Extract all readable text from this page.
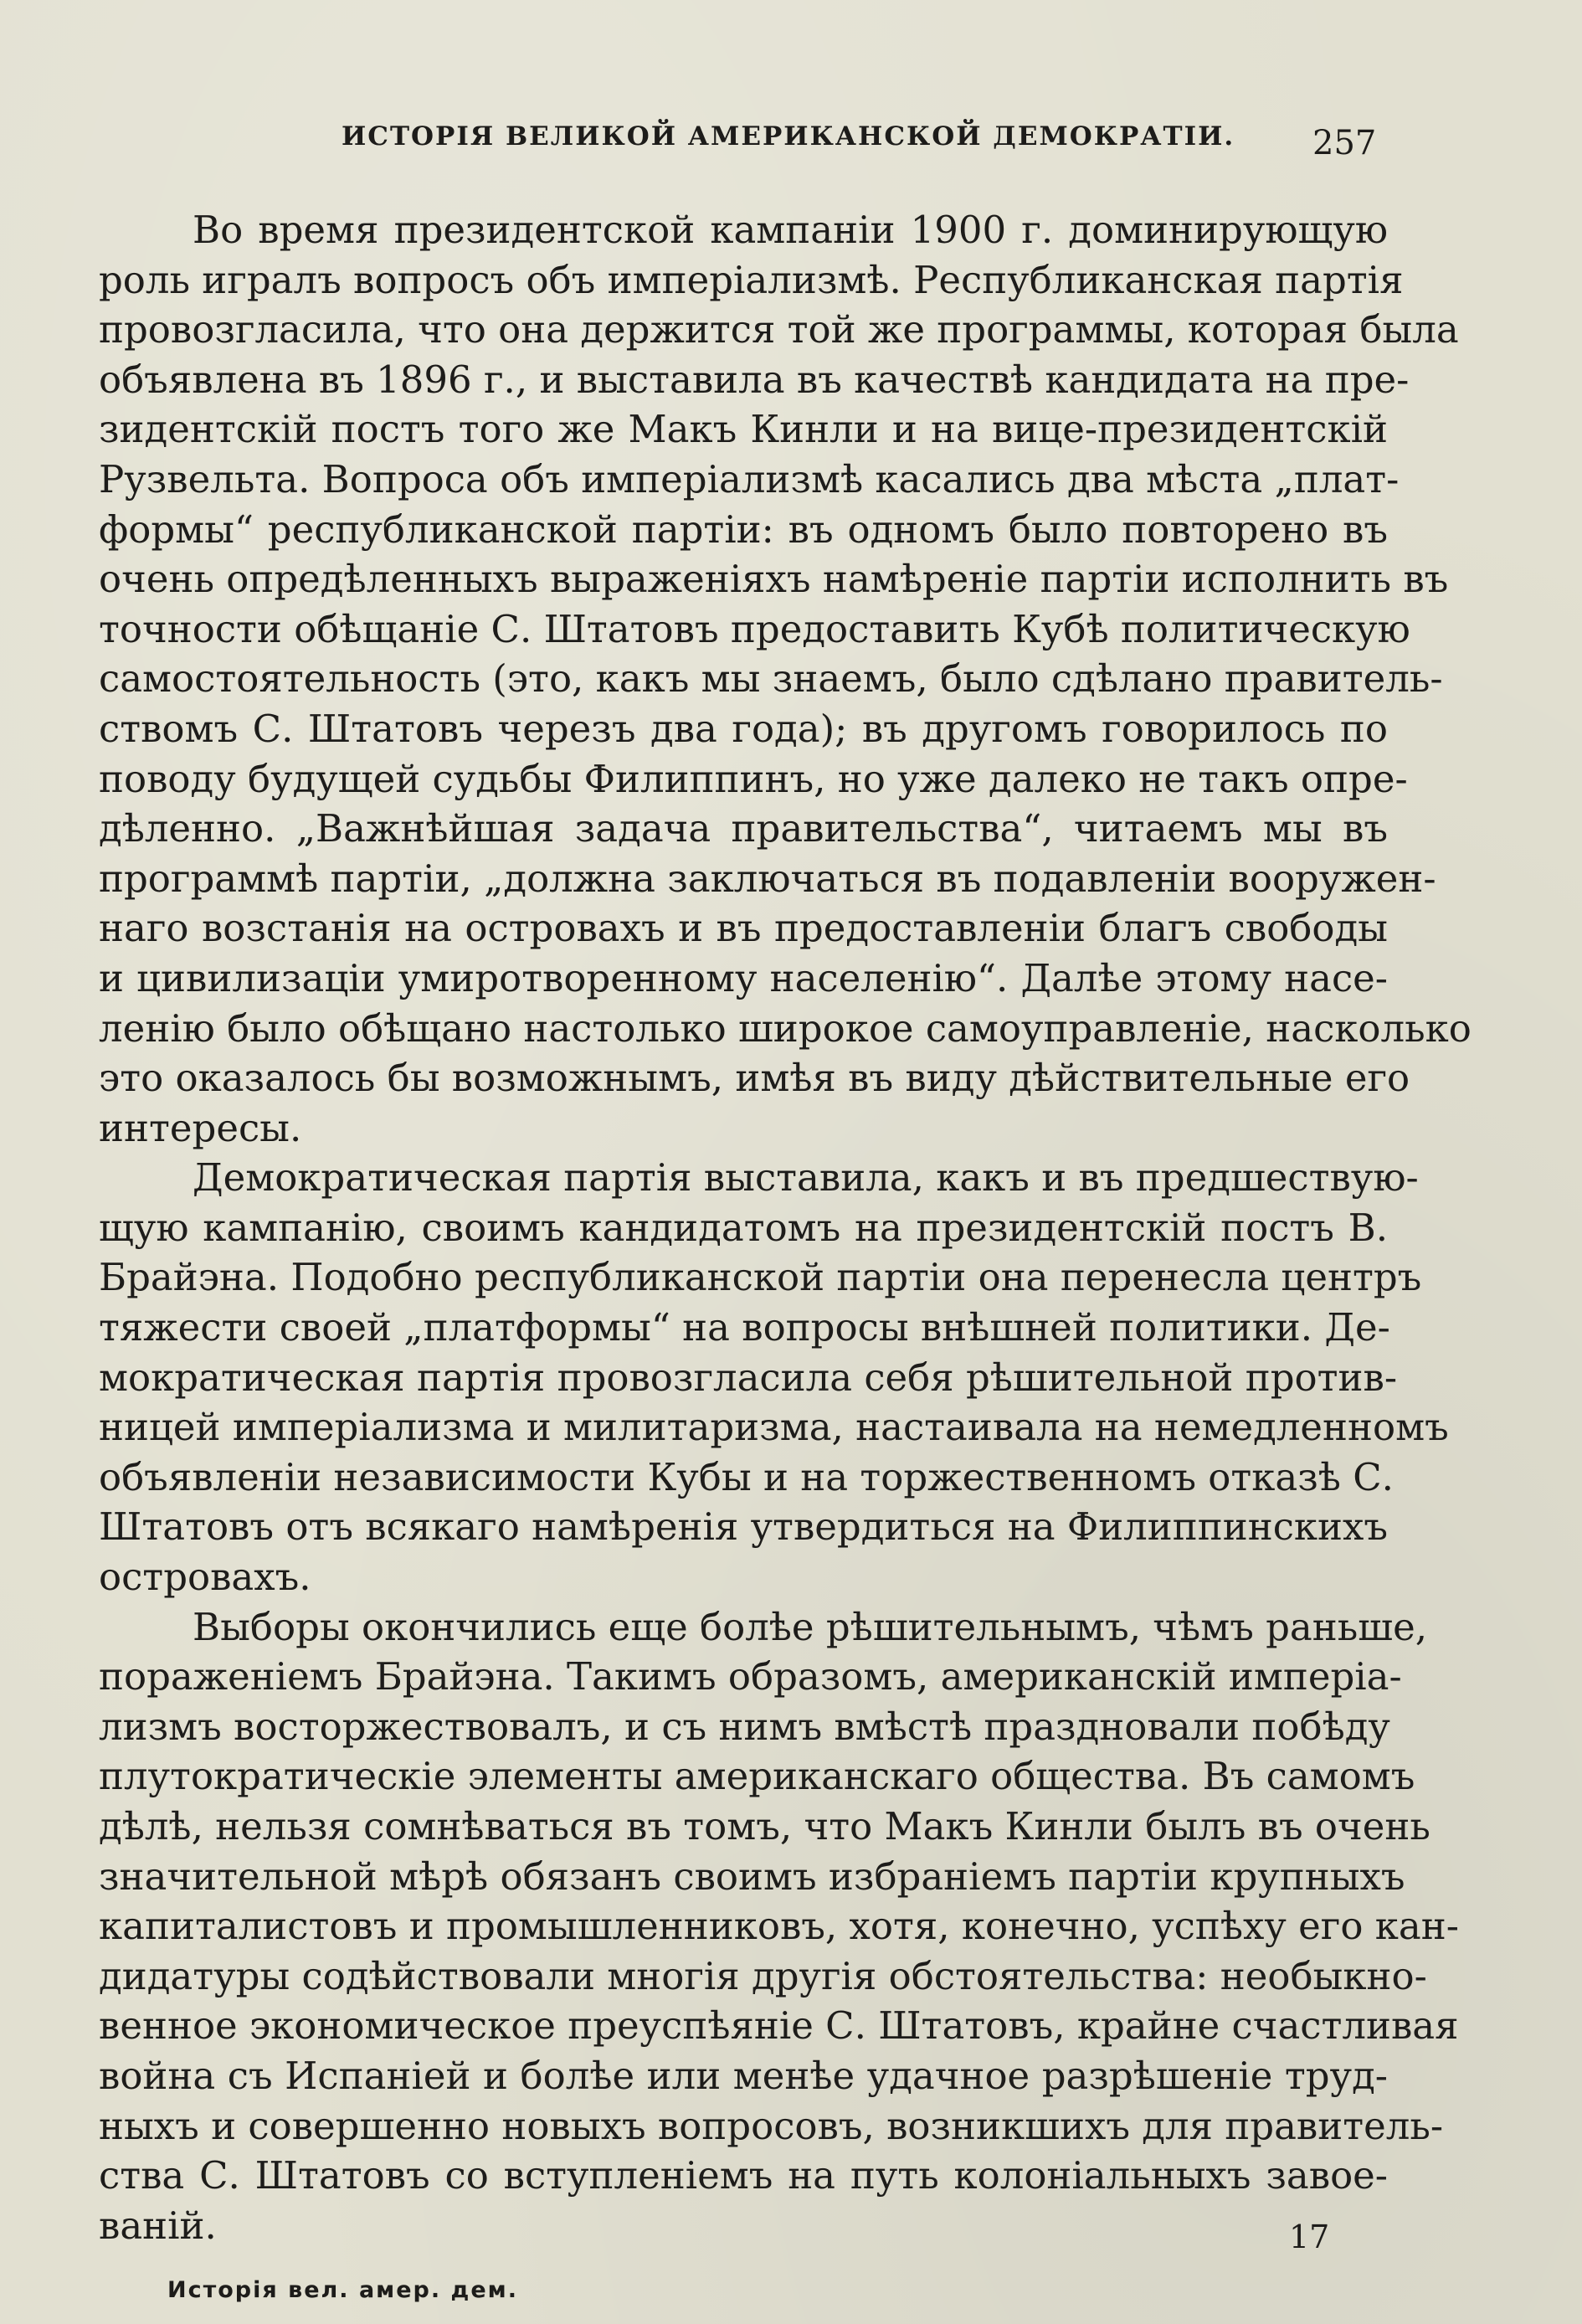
ИСТОРІЯ ВЕЛИКОЙ АМЕРИКАНСКОЙ ДЕМОКРАТІИ. 257
Во время президентской кампаніи 1900 г. доминирующую
роль игралъ вопросъ объ имперіализмѣ. Республиканская партія
провозгласила, что она держится той же программы, которая была
объявлена въ 1896 г., и выставила въ качествѣ кандидата на пре-
зидентскій постъ того же Макъ Кинли и на вице-президентскій
Рузвельта. Вопроса объ имперіализмѣ касались два мѣста „плат-
формы“ республиканской партіи: въ одномъ было повторено въ
очень опредѣленныхъ выраженіяхъ намѣреніе партіи исполнить въ
точности обѣщаніе С. Штатовъ предоставить Кубѣ политическую
самостоятельность (это, какъ мы знаемъ, было сдѣлано правитель-
ствомъ С. Штатовъ черезъ два года); въ другомъ говорилось по
поводу будущей судьбы Филиппинъ, но уже далеко не такъ опре-
дѣленно. „Важнѣйшая задача правительства“, читаемъ мы въ
программѣ партіи, „должна заключаться въ подавленіи вооружен-
наго возстанія на островахъ и въ предоставленіи благъ свободы
и цивилизаціи умиротворенному населенію“. Далѣе этому насе-
ленію было обѣщано настолько широкое самоуправленіе, насколько
это оказалось бы возможнымъ, имѣя въ виду дѣйствительные его
интересы.
Демократическая партія выставила, какъ и въ предшествую-
щую кампанію, своимъ кандидатомъ на президентскій постъ В.
Брайэна. Подобно республиканской партіи она перенесла центръ
тяжести своей „платформы“ на вопросы внѣшней политики. Де-
мократическая партія провозгласила себя рѣшительной против-
ницей имперіализма и милитаризма, настаивала на немедленномъ
объявленіи независимости Кубы и на торжественномъ отказѣ С.
Штатовъ отъ всякаго намѣренія утвердиться на Филиппинскихъ
островахъ.
Выборы окончились еще болѣе рѣшительнымъ, чѣмъ раньше,
пораженіемъ Брайэна. Такимъ образомъ, американскій имперіа-
лизмъ восторжествовалъ, и съ нимъ вмѣстѣ праздновали побѣду
плутократическіе элементы американскаго общества. Въ самомъ
дѣлѣ, нельзя сомнѣваться въ томъ, что Макъ Кинли былъ въ очень
значительной мѣрѣ обязанъ своимъ избраніемъ партіи крупныхъ
капиталистовъ и промышленниковъ, хотя, конечно, успѣху его кан-
дидатуры содѣйствовали многія другія обстоятельства: необыкно-
венное экономическое преуспѣяніе С. Штатовъ, крайне счастливая
война съ Испаніей и болѣе или менѣе удачное разрѣшеніе труд-
ныхъ и совершенно новыхъ вопросовъ, возникшихъ для правитель-
ства С. Штатовъ со вступленіемъ на путь колоніальныхъ завое-
ваній.	17
Исторія вел. амер. дем.
